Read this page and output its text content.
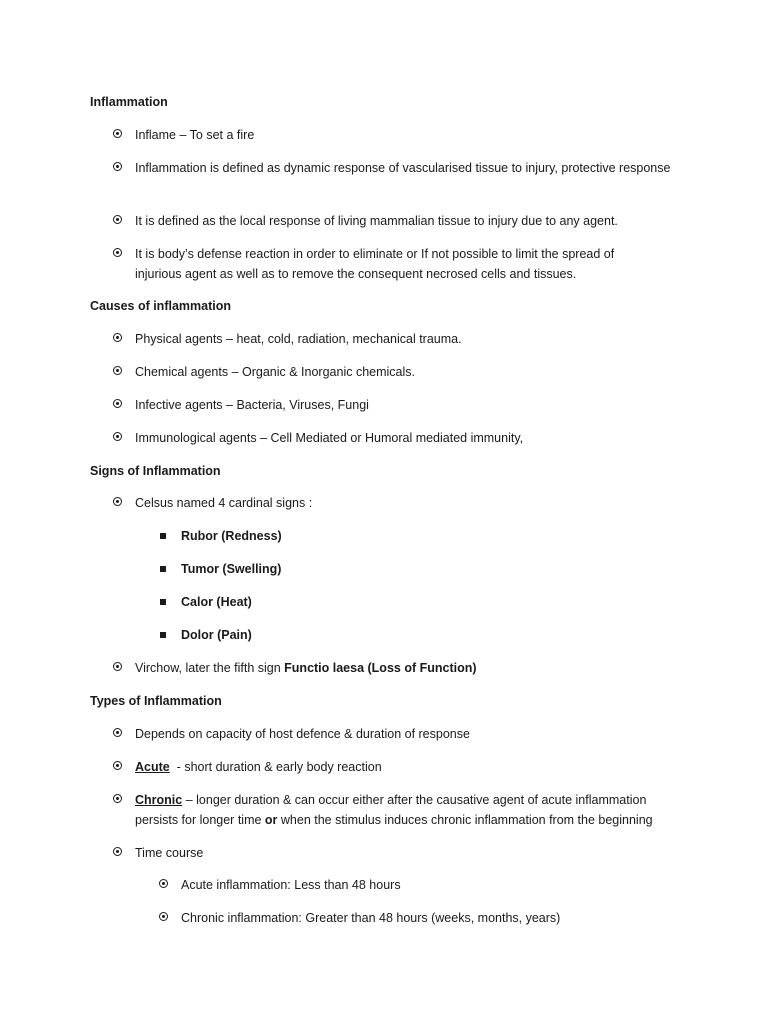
Inflammation

Inflame – To set a fire
Inflammation is defined as dynamic response of vascularised tissue to injury, protective response
It is defined as the local response of living mammalian tissue to injury due to any agent.
It is body’s defense reaction in order to eliminate or If not possible to limit the spread of injurious agent as well as to remove the consequent necrosed cells and tissues.

Causes of inflammation

Physical agents – heat, cold, radiation, mechanical trauma.
Chemical agents – Organic & Inorganic chemicals.
Infective agents – Bacteria, Viruses, Fungi
Immunological agents – Cell Mediated or Humoral mediated immunity,

Signs of Inflammation

Celsus named 4 cardinal signs :
Rubor (Redness)
Tumor (Swelling)
Calor (Heat)
Dolor (Pain)
Virchow, later the fifth sign Functio laesa (Loss of Function)

Types of Inflammation

Depends on capacity of host defence & duration of response
Acute  - short duration & early body reaction
Chronic – longer duration & can occur either after the causative agent of acute inflammation persists for longer time or when the stimulus induces chronic inflammation from the beginning
Time course
Acute inflammation: Less than 48 hours
Chronic inflammation: Greater than 48 hours (weeks, months, years)
